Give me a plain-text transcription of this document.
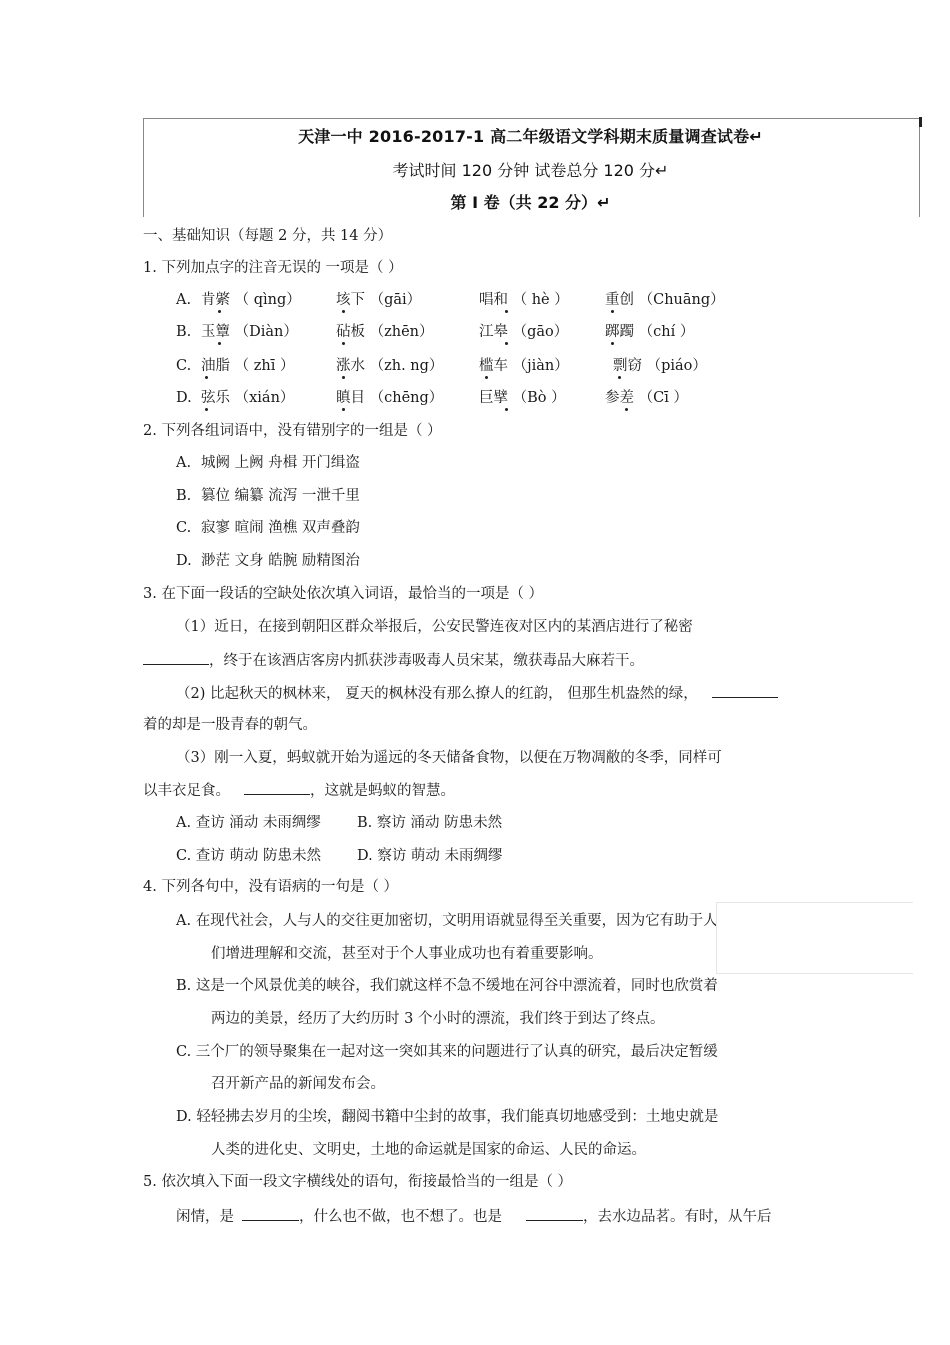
天津一中 2016-2017-1 高二年级语文学科期末质量调查试卷↵
考试时间 120 分钟 试卷总分 120 分↵
第 I 卷（共 22 分）↵
一、基础知识（每题 2 分，共 14 分）
1. 下列加点字的注音无误的 一项是（ ）
A. 肯綮 （ qìng） 垓下 （gāi）	唱和 （ hè ）	重创 （Chuāng）
B. 玉簟 （Diàn）	砧板 （zhēn）	江皋 （gāo）	踯躅 （chí ）
C. 油脂 （ zhī ）	涨水 （zh. ng） 槛车 （jiàn）	剽窃 （piáo）
D. 弦乐 （xián）	瞋目 （chēng） 巨擘 （Bò ）	参差 （Cī ）
2. 下列各组词语中，没有错别字的一组是（ ）
A. 城阙 上阙 舟楫 开门缉盗
B. 篡位 编纂 流泻 一泄千里
C. 寂寥 暄闹 渔樵 双声叠韵
D. 渺茫 文身 皓腕 励精图治
3. 在下面一段话的空缺处依次填入词语，最恰当的一项是（ ）
（1）近日，在接到朝阳区群众举报后，公安民警连夜对区内的某酒店进行了秘密
，终于在该酒店客房内抓获涉毒吸毒人员宋某，缴获毒品大麻若干。
（2) 比起秋天的枫林来， 夏天的枫林没有那么撩人的红韵， 但那生机盎然的绿，
着的却是一股青春的朝气。
（3）刚一入夏，蚂蚁就开始为遥远的冬天储备食物，以便在万物凋敝的冬季，同样可
以丰衣足食。	，这就是蚂蚁的智慧。
A. 查访 涌动 未雨绸缪 B. 察访 涌动 防患未然
C. 查访 萌动 防患未然 D. 察访 萌动 未雨绸缪
4. 下列各句中，没有语病的一句是（ ）
A. 在现代社会，人与人的交往更加密切，文明用语就显得至关重要，因为它有助于人
们增进理解和交流，甚至对于个人事业成功也有着重要影响。
B. 这是一个风景优美的峡谷，我们就这样不急不缓地在河谷中漂流着，同时也欣赏着
两边的美景，经历了大约历时 3 个小时的漂流，我们终于到达了终点。
C. 三个厂的领导聚集在一起对这一突如其来的问题进行了认真的研究，最后决定暂缓
召开新产品的新闻发布会。
D. 轻轻拂去岁月的尘埃，翻阅书籍中尘封的故事，我们能真切地感受到：土地史就是
人类的进化史、文明史，土地的命运就是国家的命运、人民的命运。
5. 依次填入下面一段文字横线处的语句，衔接最恰当的一组是（ ）
闲情，是	，什么也不做，也不想了。也是	，去水边品茗。有时，从午后
